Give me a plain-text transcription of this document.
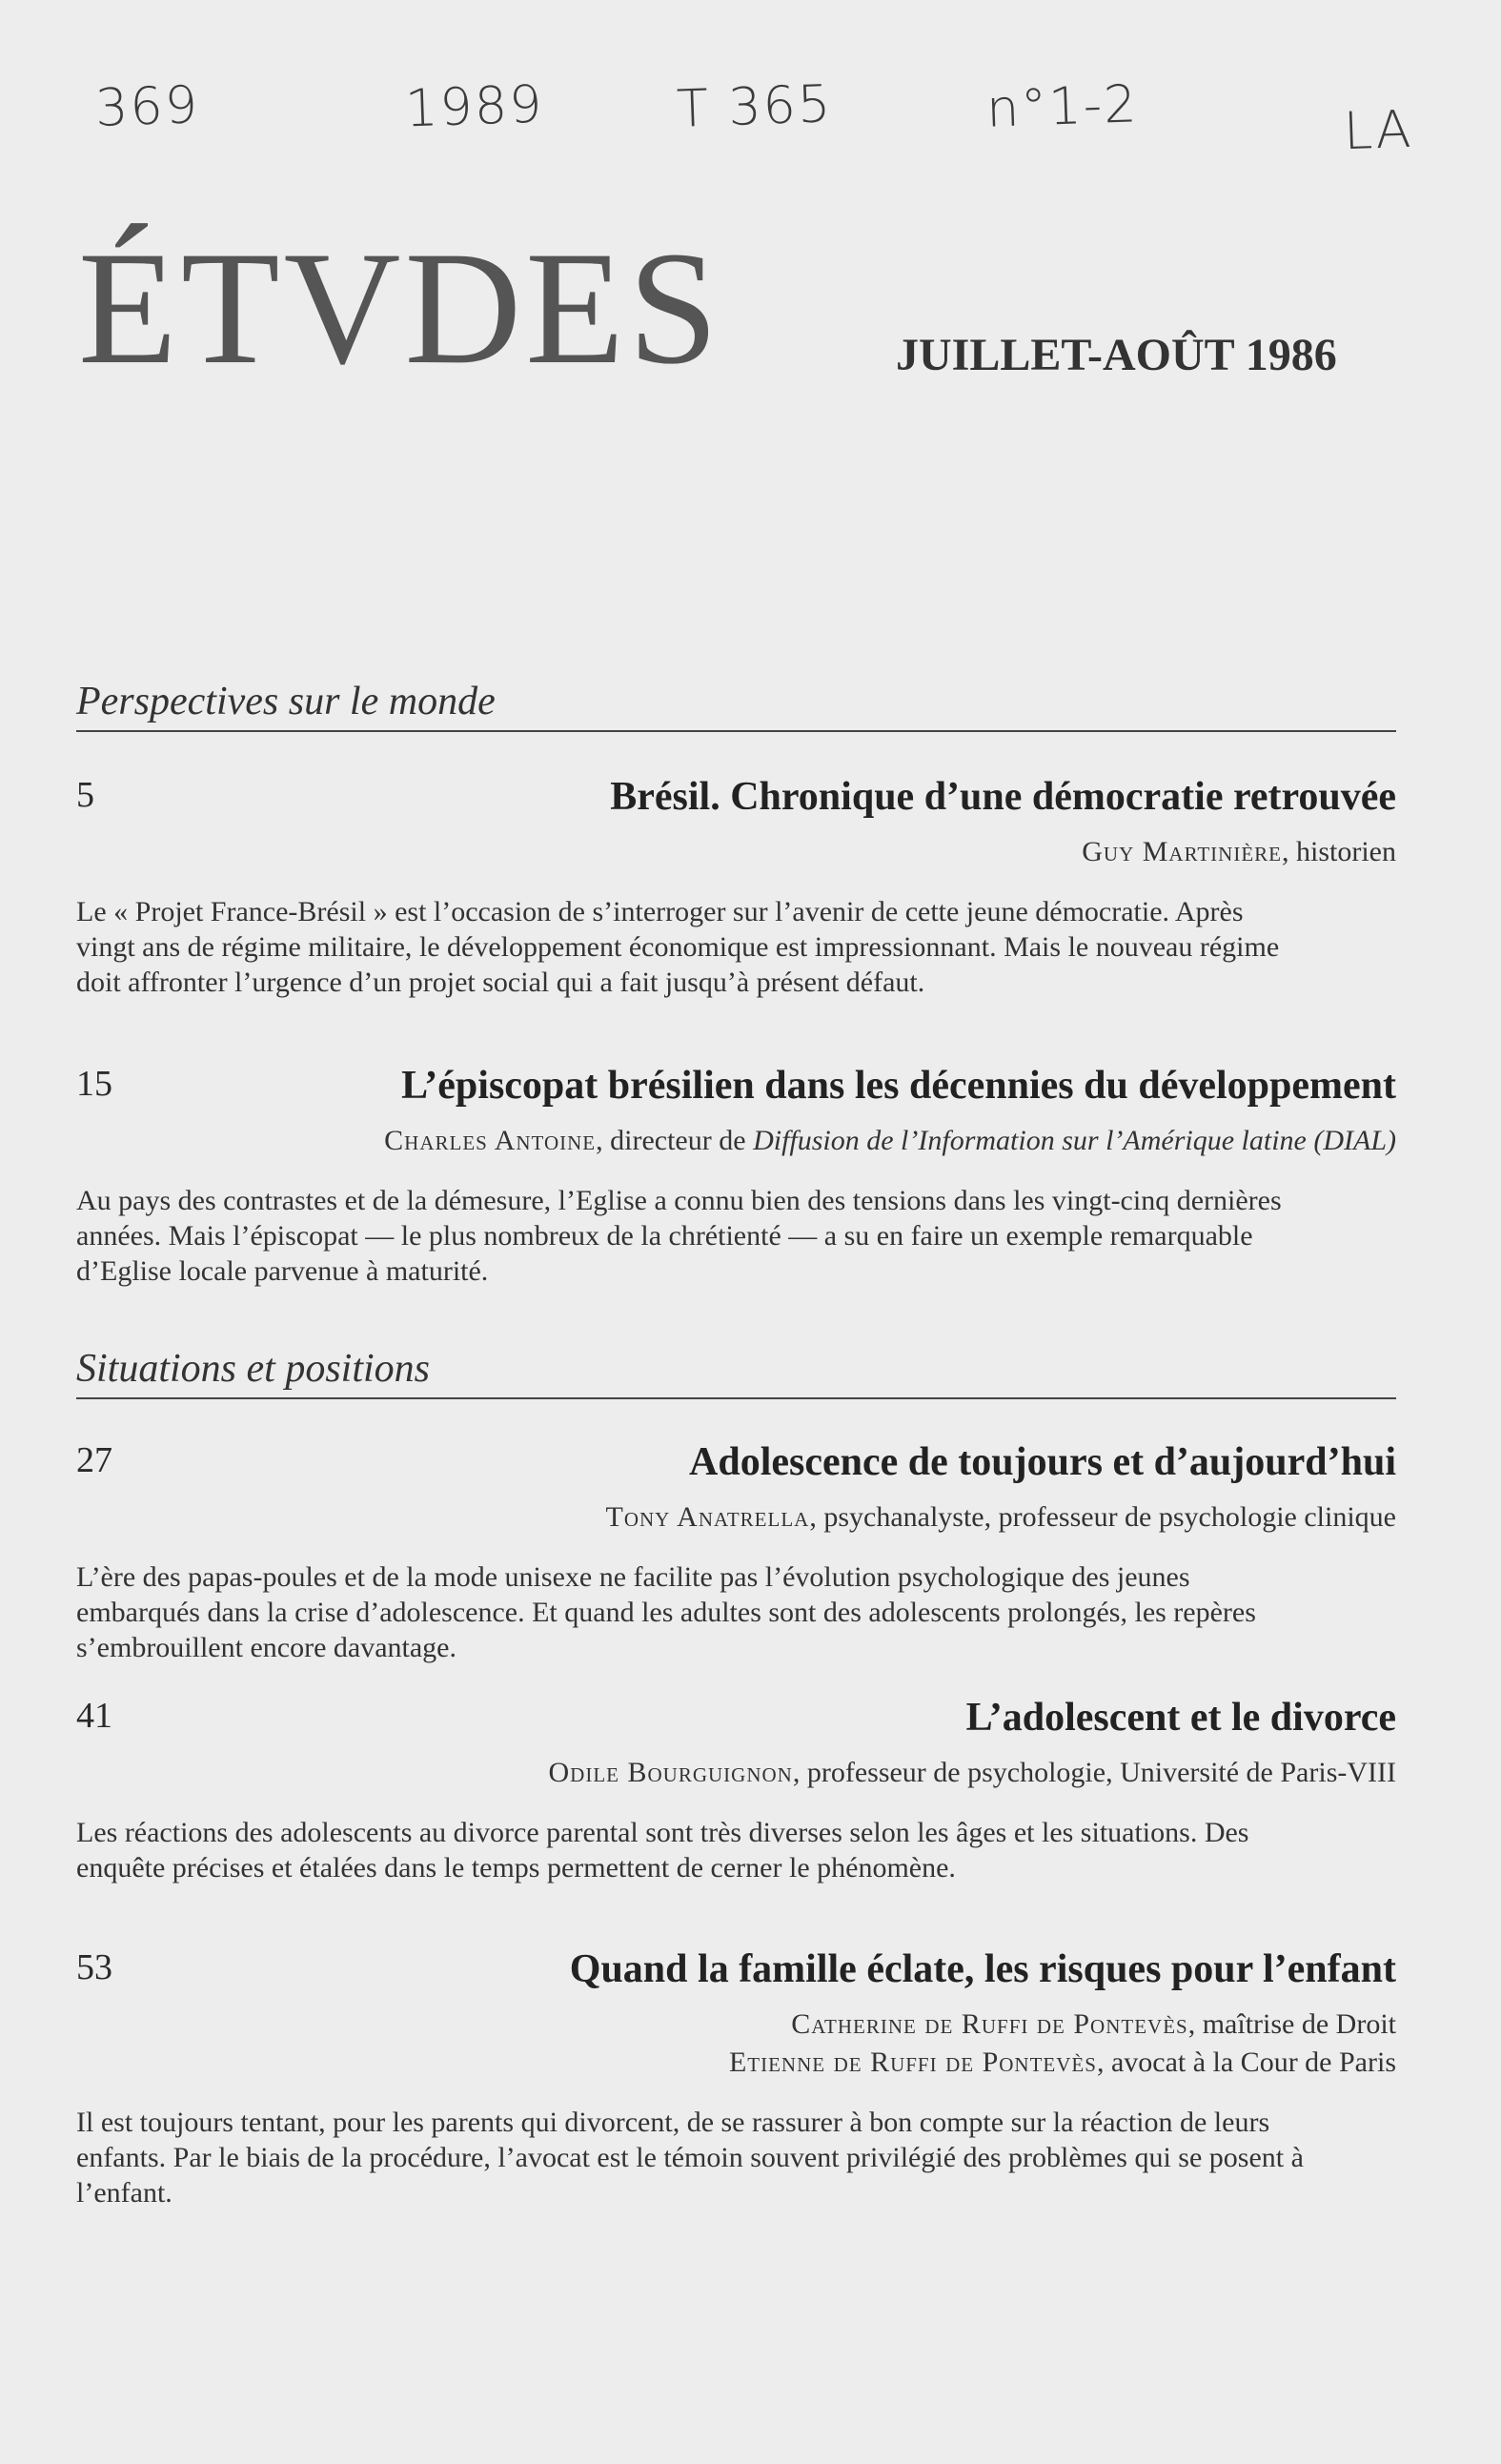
369	1989	T 365	n°1-2	LA
ÉTVDES	JUILLET-AOÛT 1986
Perspectives sur le monde
5	Brésil. Chronique d’une démocratie retrouvée
Guy Martinière, historien
Le « Projet France-Brésil » est l’occasion de s’interroger sur l’avenir de cette jeune démocratie. Après vingt ans de régime militaire, le développement économique est impressionnant. Mais le nouveau régime doit affronter l’urgence d’un projet social qui a fait jusqu’à présent défaut.
15	L’épiscopat brésilien dans les décennies du développement
Charles Antoine, directeur de Diffusion de l’Information sur l’Amérique latine (DIAL)
Au pays des contrastes et de la démesure, l’Eglise a connu bien des tensions dans les vingt-cinq dernières années. Mais l’épiscopat — le plus nombreux de la chrétienté — a su en faire un exemple remarquable d’Eglise locale parvenue à maturité.
Situations et positions
27	Adolescence de toujours et d’aujourd’hui
Tony Anatrella, psychanalyste, professeur de psychologie clinique
L’ère des papas-poules et de la mode unisexe ne facilite pas l’évolution psychologique des jeunes embarqués dans la crise d’adolescence. Et quand les adultes sont des adolescents prolongés, les repères s’embrouillent encore davantage.
41	L’adolescent et le divorce
Odile Bourguignon, professeur de psychologie, Université de Paris-VIII
Les réactions des adolescents au divorce parental sont très diverses selon les âges et les situations. Des enquête précises et étalées dans le temps permettent de cerner le phénomène.
53	Quand la famille éclate, les risques pour l’enfant
Catherine de Ruffi de Pontevès, maîtrise de Droit
Etienne de Ruffi de Pontevès, avocat à la Cour de Paris
Il est toujours tentant, pour les parents qui divorcent, de se rassurer à bon compte sur la réaction de leurs enfants. Par le biais de la procédure, l’avocat est le témoin souvent privilégié des problèmes qui se posent à l’enfant.
